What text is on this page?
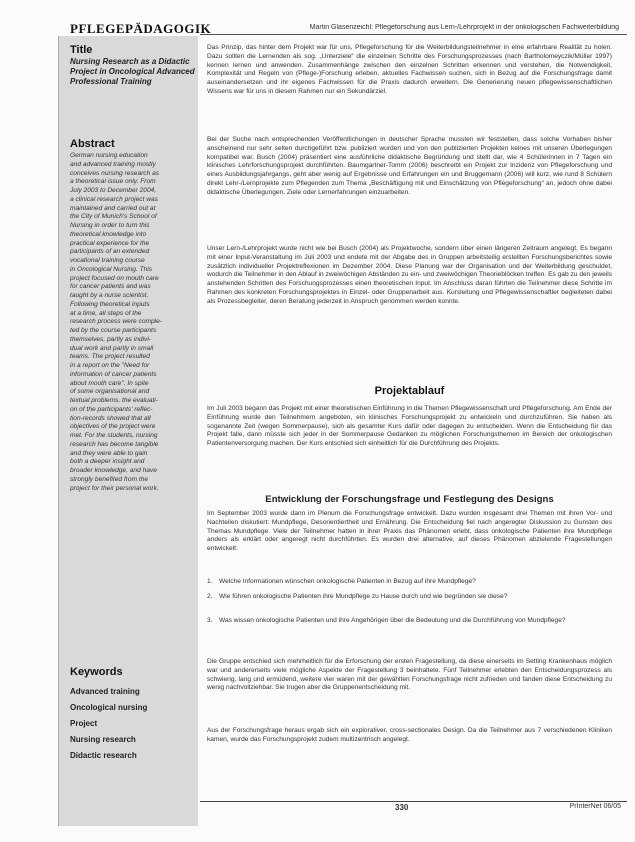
PFLEGEPÄDAGOGIK	Martin Glasenzeichl: Pflegeforschung aus Lern-/Lehrprojekt in der onkologischen Fachweiterbildung
Title
Nursing Research as a Didactic Project in Oncological Advanced Professional Training
Abstract
German nursing education
and advanced training mostly
conceives nursing research as
a theoretical issue only. From
July 2003 to December 2004,
a clinical research project was
maintained and carried out at
the City of Munich's School of
Nursing in order to turn this
theoretical knowledge into
practical experience for the
participants of an extended
vocational training course
in Oncological Nursing. This
project focused on mouth care
for cancer patients and was
taught by a nurse scientist.
Following theoretical inputs
at a time, all steps of the
research process were comple-
ted by the course participants
themselves, partly as indivi-
dual work and partly in small
teams. The project resulted
in a report on the "Need for
information of cancer patients
about mouth care". In spite
of some organisational and
textual problems, the evaluati-
on of the participants' reflec-
tion-records showed that all
objectives of the project were
met. For the students, nursing
research has become tangible
and they were able to gain
both a deeper insight and
broader knowledge, and have
strongly benefited from the
project for their personal work.
Keywords
Advanced training
Oncological nursing
Project
Nursing research
Didactic research
Das Prinzip, das hinter dem Projekt war für uns, Pflegeforschung für die Weiterbildungsteilnehmer in eine erfahrbare Realität zu holen. Dazu sollten die Lernenden als sog. „Unterziele“ die einzelnen Schritte des Forschungsprozesses (nach Bartholomeyczik/Müller 1997) kennen lernen und anwenden. Zusammenhänge zwischen den einzelnen Schritten erkennen und verstehen, die Notwendigkeit, Komplexität und Regeln von (Pflege-)Forschung erleben, aktuelles Fachwissen suchen, sich in Bezug auf die Forschungsfrage damit auseinandersetzen und ihr eigenes Fachwissen für die Praxis dadurch erweitern. Die Generierung neuen pflegewissenschaftlichen Wissens war für uns in diesem Rahmen nur ein Sekundärziel.
Bei der Suche nach entsprechenden Veröffentlichungen in deutscher Sprache mussten wir feststellen, dass solche Vorhaben bisher anscheinend nur sehr selten durchgeführt bzw. publiziert wurden und von den publizierten Projekten keines mit unseren Überlegungen kompatibel war. Busch (2004) präsentiert eine ausführliche didaktische Begründung und stellt dar, wie 4 Schülerinnen in 7 Tagen ein klinisches Lehrforschungsprojekt durchführten. Baumgartner-Tomm (2006) beschreibt ein Projekt zur Inzidenz von Pflegeforschung und eines Ausbildungsjahrgangs, geht aber wenig auf Ergebnisse und Erfahrungen ein und Bruggemann (2006) will kurz, wie rund 8 Schülern direkt Lehr-/Lernprojekte zum Pflegenden zum Thema „Beschäftigung mit und Einschätzung von Pflegeforschung“ an, jedoch ohne dabei didaktische Überlegungen, Ziele oder Lernerfahrungen einzuarbeiten.
Unser Lern-/Lehrprojekt wurde nicht wie bei Busch (2004) als Projektwoche, sondern über einen längeren Zeitraum angelegt. Es begann mit einer Input-Veranstaltung im Juli 2003 und endete mit der Abgabe des in Gruppen arbeitsteilig erstellten Forschungsberichtes sowie zusätzlich individueller Projektreflexionen im Dezember 2004. Diese Planung war der Organisation und der Weiterbildung geschuldet, wodurch die Teilnehmer in den Ablauf in zweiwöchigen Abständen zu ein- und zweiwöchigen Theorieblöcken treffen. Es gab zu den jeweils anstehenden Schritten des Forschungsprozesses einen theoretischen Input. Im Anschluss daran führten die Teilnehmer diese Schritte im Rahmen des konkreten Forschungsprojektes in Einzel- oder Gruppenarbeit aus. Kursleitung und Pflegewissenschaftler begleiteten dabei als Prozessbegleiter, deren Beratung jederzeit in Anspruch genommen werden konnte.
Projektablauf
Im Juli 2003 begann das Projekt mit einer theoretischen Einführung in die Themen Pflegewissenschaft und Pflegeforschung. Am Ende der Einführung wurde den Teilnehmern angeboten, ein klinisches Forschungsprojekt zu entwickeln und durchzuführen. Sie haben als sogenannte Zeit (wegen Sommerpause), sich als gesamter Kurs dafür oder dagegen zu entscheiden. Wenn die Entscheidung für das Projekt falle, dann müsste sich jeder in der Sommerpause Gedanken zu möglichen Forschungsthemen im Bereich der onkologischen Patientenversorgung machen. Der Kurs entschied sich einheitlich für die Durchführung des Projekts.
Entwicklung der Forschungsfrage und Festlegung des Designs
Im September 2003 wurde dann im Plenum die Forschungsfrage entwickelt. Dazu wurden insgesamt drei Themen mit ihren Vor- und Nachteilen diskutiert: Mundpflege, Desorientiertheit und Ernährung. Die Entscheidung fiel nach angeregter Diskussion zu Gunsten des Themas Mundpflege. Viele der Teilnehmer hatten in ihrer Praxis das Phänomen erlebt, dass onkologische Patienten ihre Mundpflege anders als erklärt oder angeregt nicht durchführten. Es wurden drei alternative, auf dieses Phänomen abzielende Fragestellungen entwickelt:
1. Welche Informationen wünschen onkologische Patienten in Bezug auf ihre Mundpflege?
2. Wie führen onkologische Patienten ihre Mundpflege zu Hause durch und wie begründen sie diese?
3. Was wissen onkologische Patienten und ihre Angehörigen über die Bedeutung und die Durchführung von Mundpflege?
Die Gruppe entschied sich mehrheitlich für die Erforschung der ersten Fragestellung, da diese einerseits im Setting Krankenhaus möglich war und andererseits viele mögliche Aspekte der Fragestellung 3 beinhaltete. Fünf Teilnehmer erlebten den Entscheidungsprozess als schwierig, lang und ermüdend, weitere vier waren mit der gewählten Forschungsfrage nicht zufrieden und fanden diese Entscheidung zu wenig nachvollziehbar. Sie trugen aber die Gruppenentscheidung mit.
Aus der Forschungsfrage heraus ergab sich ein explorativer, cross-sectionales Design. Da die Teilnehmer aus 7 verschiedenen Kliniken kamen, wurde das Forschungsprojekt zudem multizentrisch angelegt.
330	PrInterNet 06/05
